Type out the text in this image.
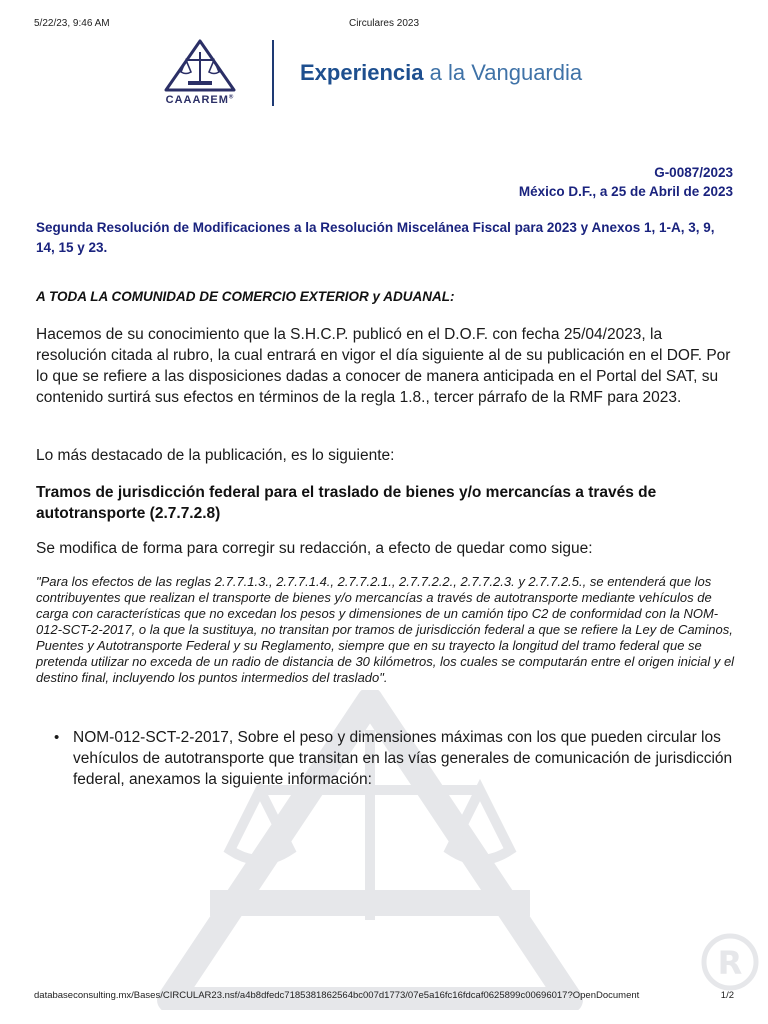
5/22/23, 9:46 AM	Circulares 2023
R
CAAAREM®
Experiencia a la Vanguardia
G-0087/2023
México D.F., a 25 de Abril de 2023
Segunda Resolución de Modificaciones a la Resolución Miscelánea Fiscal para 2023 y Anexos 1, 1-A, 3, 9, 14, 15 y 23.
A TODA LA COMUNIDAD DE COMERCIO EXTERIOR y ADUANAL:
Hacemos de su conocimiento que la S.H.C.P. publicó en el D.O.F. con fecha 25/04/2023, la resolución citada al rubro, la cual entrará en vigor el día siguiente al de su publicación en el DOF. Por lo que se refiere a las disposiciones dadas a conocer de manera anticipada en el Portal del SAT, su contenido surtirá sus efectos en términos de la regla 1.8., tercer párrafo de la RMF para 2023.
Lo más destacado de la publicación, es lo siguiente:
Tramos de jurisdicción federal para el traslado de bienes y/o mercancías a través de autotransporte (2.7.7.2.8)
Se modifica de forma para corregir su redacción, a efecto de quedar como sigue:
"Para los efectos de las reglas 2.7.7.1.3., 2.7.7.1.4., 2.7.7.2.1., 2.7.7.2.2., 2.7.7.2.3. y 2.7.7.2.5., se entenderá que los contribuyentes que realizan el transporte de bienes y/o mercancías a través de autotransporte mediante vehículos de carga con características que no excedan los pesos y dimensiones de un camión tipo C2 de conformidad con la NOM-012-SCT-2-2017, o la que la sustituya, no transitan por tramos de jurisdicción federal a que se refiere la Ley de Caminos, Puentes y Autotransporte Federal y su Reglamento, siempre que en su trayecto la longitud del tramo federal que se pretenda utilizar no exceda de un radio de distancia de 30 kilómetros, los cuales se computarán entre el origen inicial y el destino final, incluyendo los puntos intermedios del traslado".
• NOM-012-SCT-2-2017, Sobre el peso y dimensiones máximas con los que pueden circular los vehículos de autotransporte que transitan en las vías generales de comunicación de jurisdicción federal, anexamos la siguiente información:
databaseconsulting.mx/Bases/CIRCULAR23.nsf/a4b8dfedc7185381862564bc007d1773/07e5a16fc16fdcaf0625899c00696017?OpenDocument	1/2
